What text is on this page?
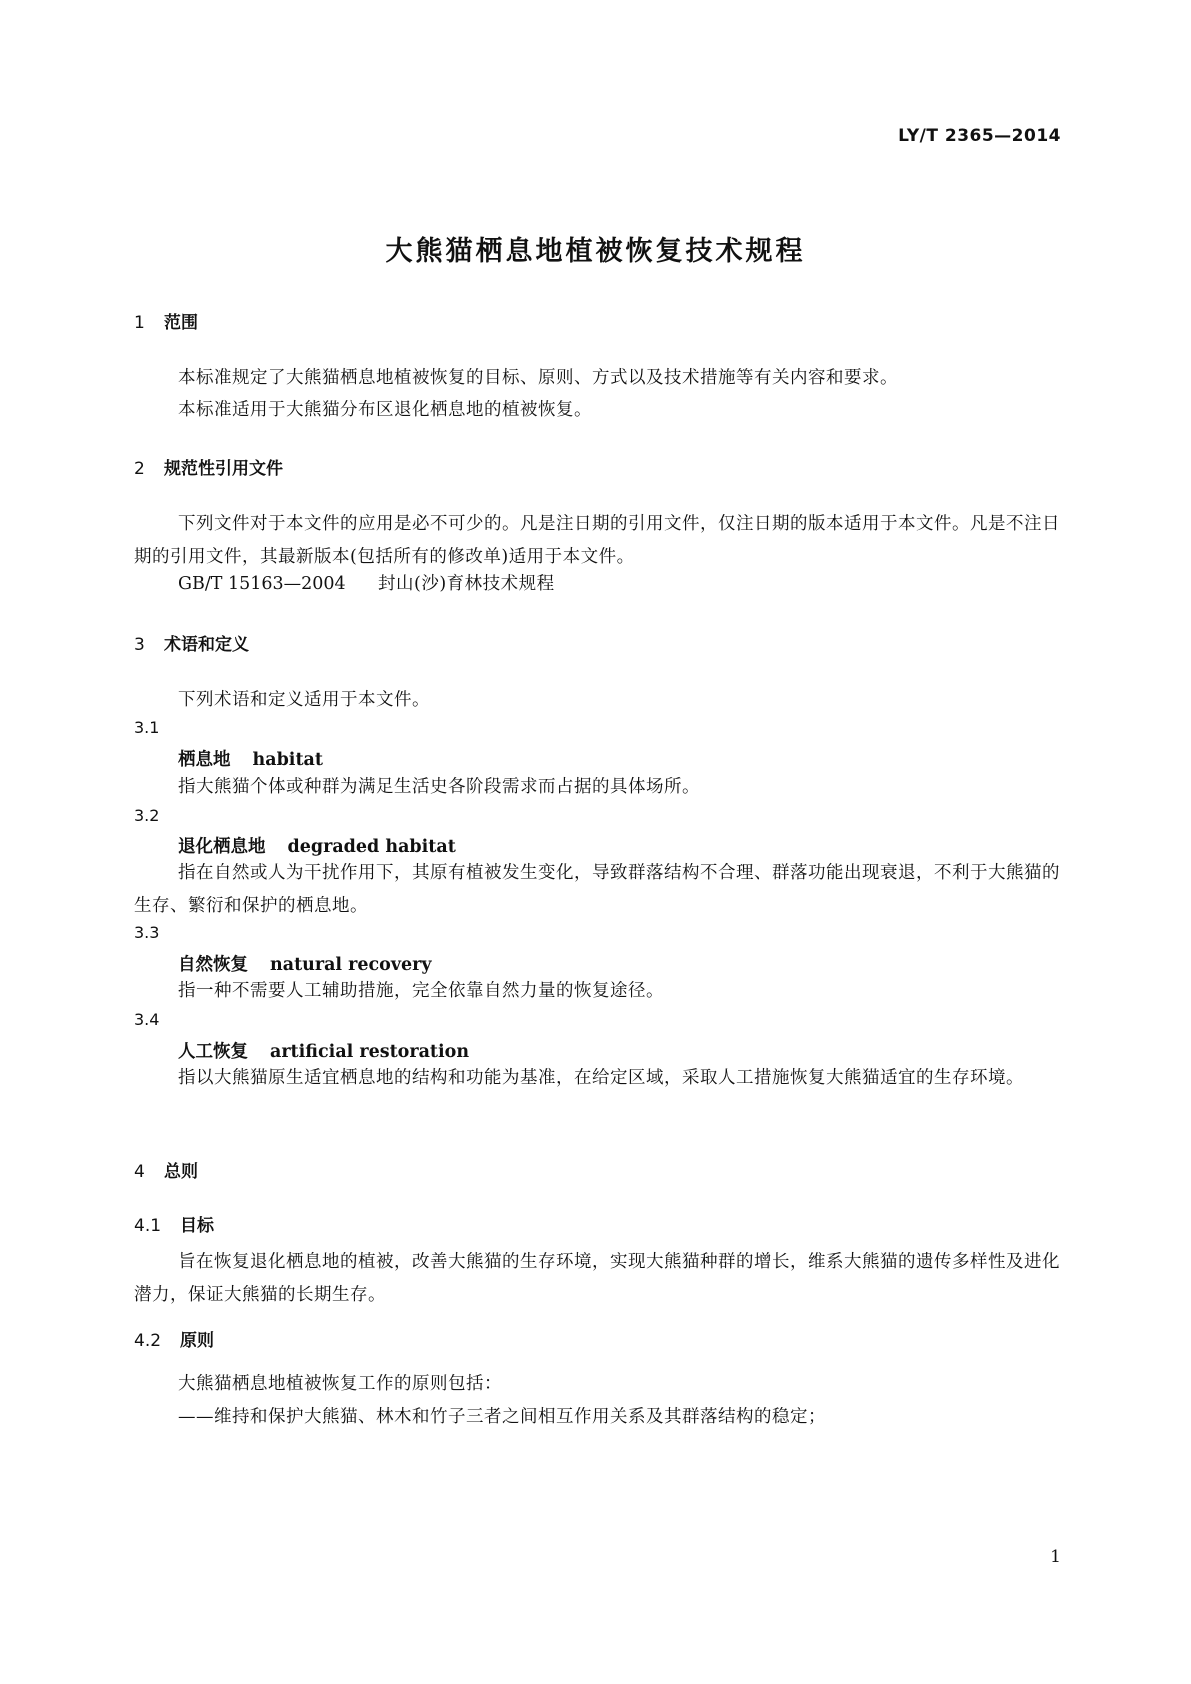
LY/T 2365—2014
大熊猫栖息地植被恢复技术规程
1 范围
本标准规定了大熊猫栖息地植被恢复的目标、原则、方式以及技术措施等有关内容和要求。
本标准适用于大熊猫分布区退化栖息地的植被恢复。
2 规范性引用文件
下列文件对于本文件的应用是必不可少的。凡是注日期的引用文件，仅注日期的版本适用于本文件。凡是不注日期的引用文件，其最新版本(包括所有的修改单)适用于本文件。
GB/T 15163—2004 封山(沙)育林技术规程
3 术语和定义
下列术语和定义适用于本文件。
3.1
栖息地 habitat
指大熊猫个体或种群为满足生活史各阶段需求而占据的具体场所。
3.2
退化栖息地 degraded habitat
指在自然或人为干扰作用下，其原有植被发生变化，导致群落结构不合理、群落功能出现衰退，不利于大熊猫的生存、繁衍和保护的栖息地。
3.3
自然恢复 natural recovery
指一种不需要人工辅助措施，完全依靠自然力量的恢复途径。
3.4
人工恢复 artificial restoration
指以大熊猫原生适宜栖息地的结构和功能为基准，在给定区域，采取人工措施恢复大熊猫适宜的生存环境。
4 总则
4.1 目标
旨在恢复退化栖息地的植被，改善大熊猫的生存环境，实现大熊猫种群的增长，维系大熊猫的遗传多样性及进化潜力，保证大熊猫的长期生存。
4.2 原则
大熊猫栖息地植被恢复工作的原则包括：
——维持和保护大熊猫、林木和竹子三者之间相互作用关系及其群落结构的稳定；
1
